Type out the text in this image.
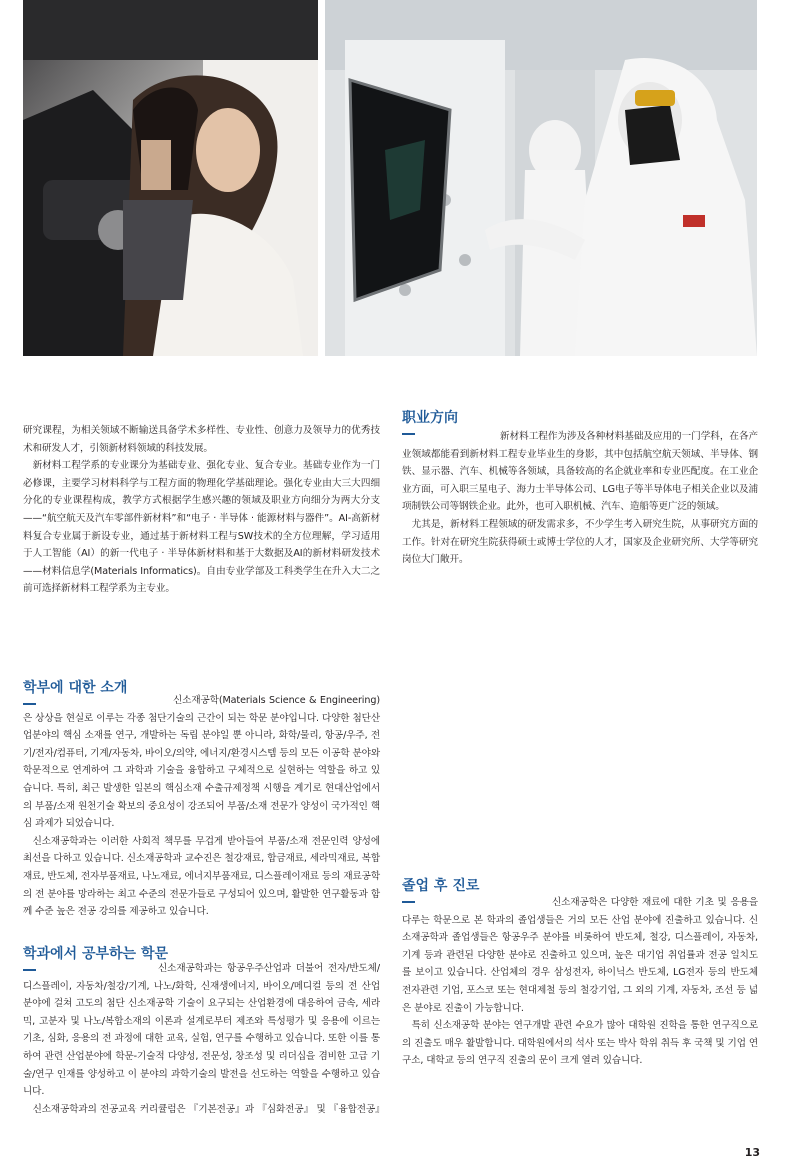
研究课程，为相关领域不断输送具备学术多样性、专业性、创意力及领导力的优秀技术和研发人才，引领新材料领域的科技发展。

新材料工程学系的专业课分为基础专业、强化专业、复合专业。基础专业作为一门必修课，主要学习材料科学与工程方面的物理化学基础理论。强化专业由大三大四细分化的专业课程构成，教学方式根据学生感兴趣的领域及职业方向细分为两大分支——“航空航天及汽车零部件新材料”和“电子 · 半导体 · 能源材料与器件”。AI-高新材料复合专业属于新设专业，通过基于新材料工程与SW技术的全方位理解，学习适用于人工智能（AI）的新一代电子 · 半导体新材料和基于大数据及AI的新材料研发技术——材料信息学(Materials Informatics)。自由专业学部及工科类学生在升入大二之前可选择新材料工程学系为主专业。

职业方向

新材料工程作为涉及各种材料基础及应用的一门学科，在各产业领域都能看到新材料工程专业毕业生的身影，其中包括航空航天领域、半导体、钢铁、显示器、汽车、机械等各领域，具备较高的名企就业率和专业匹配度。在工业企业方面，可入职三星电子、海力士半导体公司、LG电子等半导体电子相关企业以及浦项制铁公司等钢铁企业。此外，也可入职机械、汽车、造船等更广泛的领域。

尤其是，新材料工程领域的研发需求多，不少学生考入研究生院，从事研究方面的工作。针对在研究生院获得硕士或博士学位的人才，国家及企业研究所、大学等研究岗位大门敞开。

학부에 대한 소개

신소재공학(Materials Science & Engineering)은 상상을 현실로 이루는 각종 첨단기술의 근간이 되는 학문 분야입니다. 다양한 첨단산업분야의 핵심 소재를 연구, 개발하는 독립 분야일 뿐 아니라, 화학/물리, 항공/우주, 전기/전자/컴퓨터, 기계/자동차, 바이오/의약, 에너지/환경시스템 등의 모든 이공학 분야와 학문적으로 연계하여 그 과학과 기술을 융합하고 구체적으로 실현하는 역할을 하고 있습니다. 특히, 최근 발생한 일본의 핵심소재 수출규제정책 시행을 계기로 현대산업에서의 부품/소재 원천기술 확보의 중요성이 강조되어 부품/소재 전문가 양성이 국가적인 핵심 과제가 되었습니다.

신소재공학과는 이러한 사회적 책무를 무겁게 받아들여 부품/소재 전문인력 양성에 최선을 다하고 있습니다. 신소재공학과 교수진은 철강재료, 합금재료, 세라믹재료, 복합재료, 반도체, 전자부품재료, 나노재료, 에너지부품재료, 디스플레이재료 등의 재료공학의 전 분야를 망라하는 최고 수준의 전문가들로 구성되어 있으며, 활발한 연구활동과 함께 수준 높은 전공 강의를 제공하고 있습니다.

학과에서 공부하는 학문

신소재공학과는 항공우주산업과 더불어 전자/반도체/디스플레이, 자동차/철강/기계, 나노/화학, 신재생에너지, 바이오/메디컬 등의 전 산업 분야에 걸쳐 고도의 첨단 신소재공학 기술이 요구되는 산업환경에 대응하여 금속, 세라믹, 고분자 및 나노/복합소재의 이론과 설계로부터 제조와 특성평가 및 응용에 이르는 기초, 심화, 응용의 전 과정에 대한 교육, 실험, 연구를 수행하고 있습니다. 또한 이를 통하여 관련 산업분야에 학문-기술적 다양성, 전문성, 창조성 및 리더십을 겸비한 고급 기술/연구 인재를 양성하고 이 분야의 과학기술의 발전을 선도하는 역할을 수행하고 있습니다.

신소재공학과의 전공교육 커리큘럼은 『기본전공』과 『심화전공』 및 『융합전공』

졸업 후 진로

신소재공학은 다양한 재료에 대한 기초 및 응용을 다루는 학문으로 본 학과의 졸업생들은 거의 모든 산업 분야에 진출하고 있습니다. 신소재공학과 졸업생들은 항공우주 분야를 비롯하여 반도체, 철강, 디스플레이, 자동차, 기계 등과 관련된 다양한 분야로 진출하고 있으며, 높은 대기업 취업률과 전공 일치도를 보이고 있습니다. 산업체의 경우 삼성전자, 하이닉스 반도체, LG전자 등의 반도체 전자관련 기업, 포스코 또는 현대제철 등의 철강기업, 그 외의 기계, 자동차, 조선 등 넓은 분야로 진출이 가능합니다.

특히 신소재공학 분야는 연구개발 관련 수요가 많아 대학원 진학을 통한 연구직으로의 진출도 매우 활발합니다. 대학원에서의 석사 또는 박사 학위 취득 후 국책 및 기업 연구소, 대학교 등의 연구직 진출의 문이 크게 열려 있습니다.

13
